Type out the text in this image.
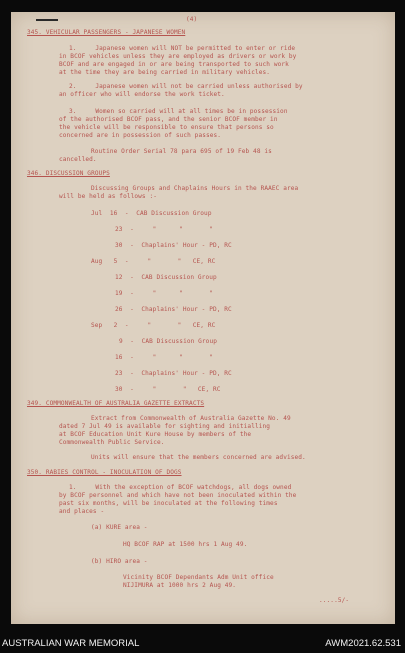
(4)
345. VEHICULAR PASSENGERS - JAPANESE WOMEN
1.     Japanese women will NOT be permitted to enter or ride
in BCOF vehicles unless they are employed as drivers or work by
BCOF and are engaged in or are being transported to such work
at the time they are being carried in military vehicles.
2.     Japanese women will not be carried unless authorised by
an officer who will endorse the work ticket.
3.     Women so carried will at all times be in possession
of the authorised BCOF pass, and the senior BCOF member in
the vehicle will be responsible to ensure that persons so
concerned are in possession of such passes.
Routine Order Serial 78 para 695 of 19 Feb 48 is
cancelled.
346. DISCUSSION GROUPS
Discussing Groups and Chaplains Hours in the RAAEC area
will be held as follows :-
Jul  16  -  CAB Discussion Group
23  -     "      "       "
30  -  Chaplains' Hour - PD, RC
Aug   5  -     "       "   CE, RC
12  -  CAB Discussion Group
19  -     "      "       "
26  -  Chaplains' Hour - PD, RC
Sep   2  -     "       "   CE, RC
9  -  CAB Discussion Group
16  -     "      "       "
23  -  Chaplains' Hour - PD, RC
30  -     "       "   CE, RC
349. COMMONWEALTH OF AUSTRALIA GAZETTE EXTRACTS
Extract from Commonwealth of Australia Gazette No. 49
dated 7 Jul 49 is available for sighting and initialling
at BCOF Education Unit Kure House by members of the
Commonwealth Public Service.
Units will ensure that the members concerned are advised.
350. RABIES CONTROL - INOCULATION OF DOGS
1.     With the exception of BCOF watchdogs, all dogs owned
by BCOF personnel and which have not been inoculated within the
past six months, will be inoculated at the following times
and places -
(a) KURE area -
HQ BCOF RAP at 1500 hrs 1 Aug 49.
(b) HIRO area -
Vicinity BCOF Dependants Adm Unit office
NIJIMURA at 1000 hrs 2 Aug 49.
.....5/-
AUSTRALIAN WAR MEMORIAL	AWM2021.62.531
